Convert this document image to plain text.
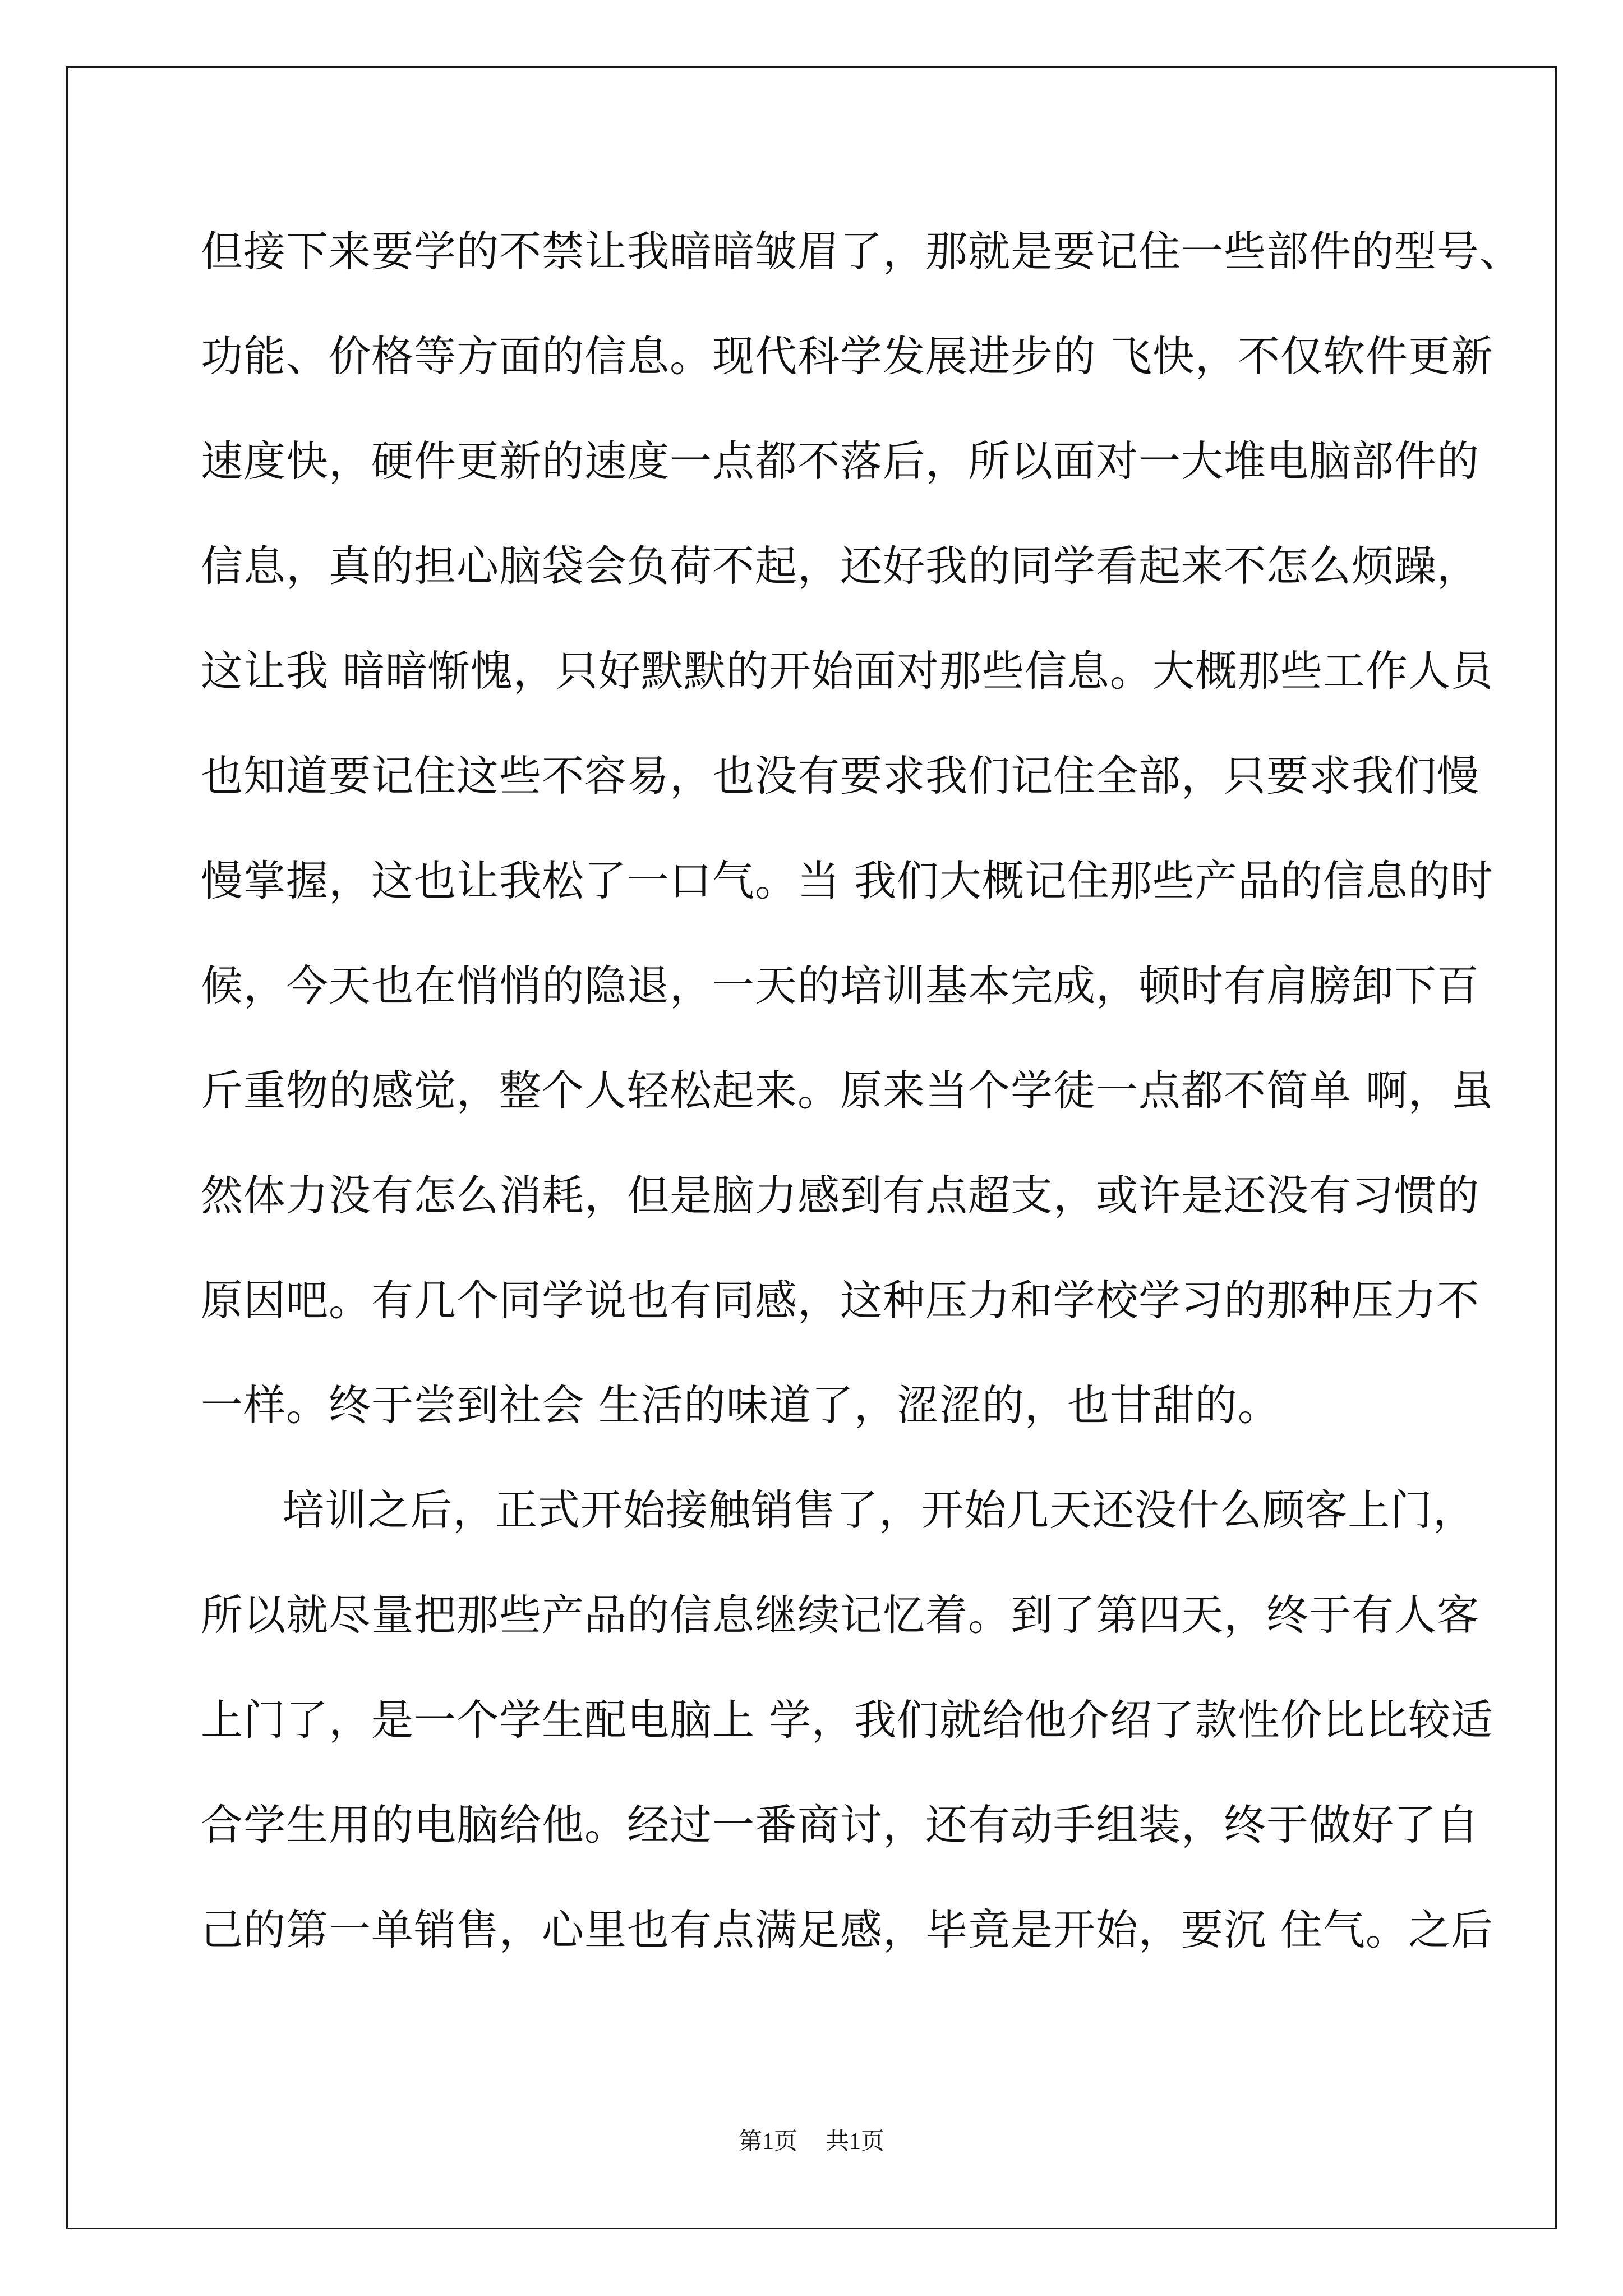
但接下来要学的不禁让我暗暗皱眉了，那就是要记住一些部件的型号、
功能、价格等方面的信息。现代科学发展进步的 飞快，不仅软件更新
速度快，硬件更新的速度一点都不落后，所以面对一大堆电脑部件的
信息，真的担心脑袋会负荷不起，还好我的同学看起来不怎么烦躁，
这让我 暗暗惭愧，只好默默的开始面对那些信息。大概那些工作人员
也知道要记住这些不容易，也没有要求我们记住全部，只要求我们慢
慢掌握，这也让我松了一口气。当 我们大概记住那些产品的信息的时
候，今天也在悄悄的隐退，一天的培训基本完成，顿时有肩膀卸下百
斤重物的感觉，整个人轻松起来。原来当个学徒一点都不简单 啊，虽
然体力没有怎么消耗，但是脑力感到有点超支，或许是还没有习惯的
原因吧。有几个同学说也有同感，这种压力和学校学习的那种压力不
一样。终于尝到社会 生活的味道了，涩涩的，也甘甜的。
培训之后，正式开始接触销售了，开始几天还没什么顾客上门，
所以就尽量把那些产品的信息继续记忆着。到了第四天，终于有人客
上门了，是一个学生配电脑上 学，我们就给他介绍了款性价比比较适
合学生用的电脑给他。经过一番商讨，还有动手组装，终于做好了自
己的第一单销售，心里也有点满足感，毕竟是开始，要沉 住气。之后
第1页 共1页
